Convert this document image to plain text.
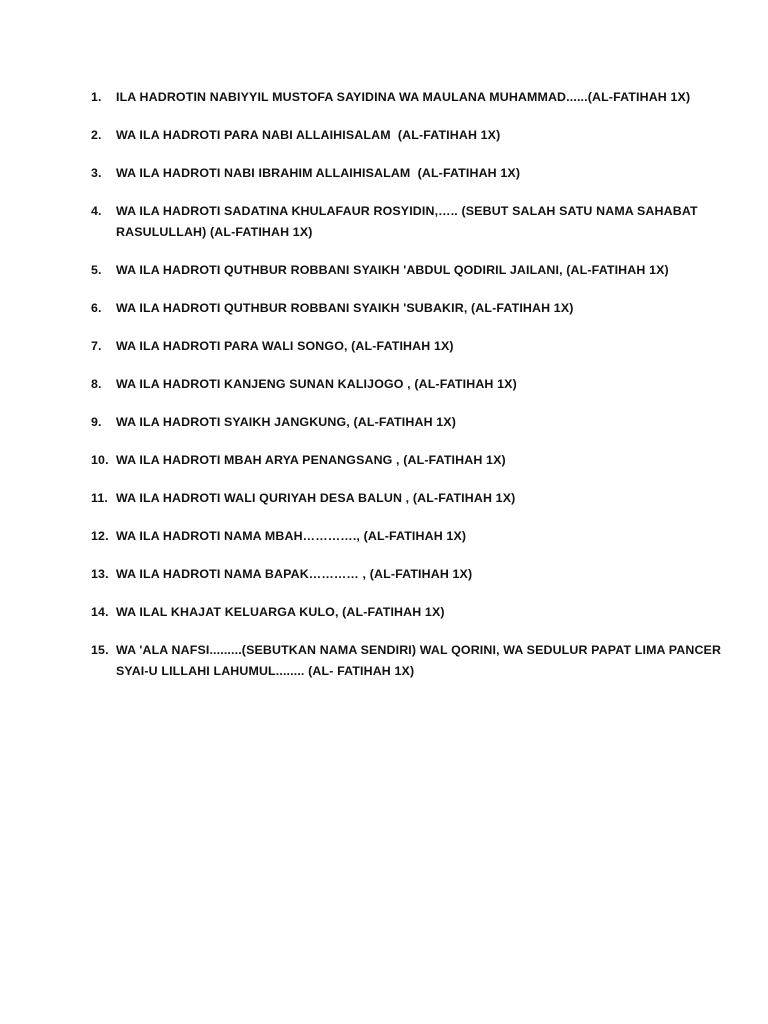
1.	ILA HADROTIN NABIYYIL MUSTOFA SAYIDINA WA MAULANA MUHAMMAD......(AL-FATIHAH 1X)
2.	WA ILA HADROTI PARA NABI ALLAIHISALAM  (AL-FATIHAH 1X)
3.	WA ILA HADROTI NABI IBRAHIM ALLAIHISALAM  (AL-FATIHAH 1X)
4.	WA ILA HADROTI SADATINA KHULAFAUR ROSYIDIN,….. (SEBUT SALAH SATU NAMA SAHABAT RASULULLAH) (AL-FATIHAH 1X)
5.	WA ILA HADROTI QUTHBUR ROBBANI SYAIKH 'ABDUL QODIRIL JAILANI, (AL-FATIHAH 1X)
6.	WA ILA HADROTI QUTHBUR ROBBANI SYAIKH 'SUBAKIR, (AL-FATIHAH 1X)
7.	WA ILA HADROTI PARA WALI SONGO, (AL-FATIHAH 1X)
8.	WA ILA HADROTI KANJENG SUNAN KALIJOGO , (AL-FATIHAH 1X)
9.	WA ILA HADROTI SYAIKH JANGKUNG, (AL-FATIHAH 1X)
10. WA ILA HADROTI MBAH ARYA PENANGSANG , (AL-FATIHAH 1X)
11. WA ILA HADROTI WALI QURIYAH DESA BALUN , (AL-FATIHAH 1X)
12. WA ILA HADROTI NAMA MBAH…………., (AL-FATIHAH 1X)
13. WA ILA HADROTI NAMA BAPAK………… , (AL-FATIHAH 1X)
14. WA ILAL KHAJAT KELUARGA KULO, (AL-FATIHAH 1X)
15. WA 'ALA NAFSI.........(SEBUTKAN NAMA SENDIRI) WAL QORINI, WA SEDULUR PAPAT LIMA PANCER SYAI-U LILLAHI LAHUMUL........ (AL- FATIHAH 1X)
